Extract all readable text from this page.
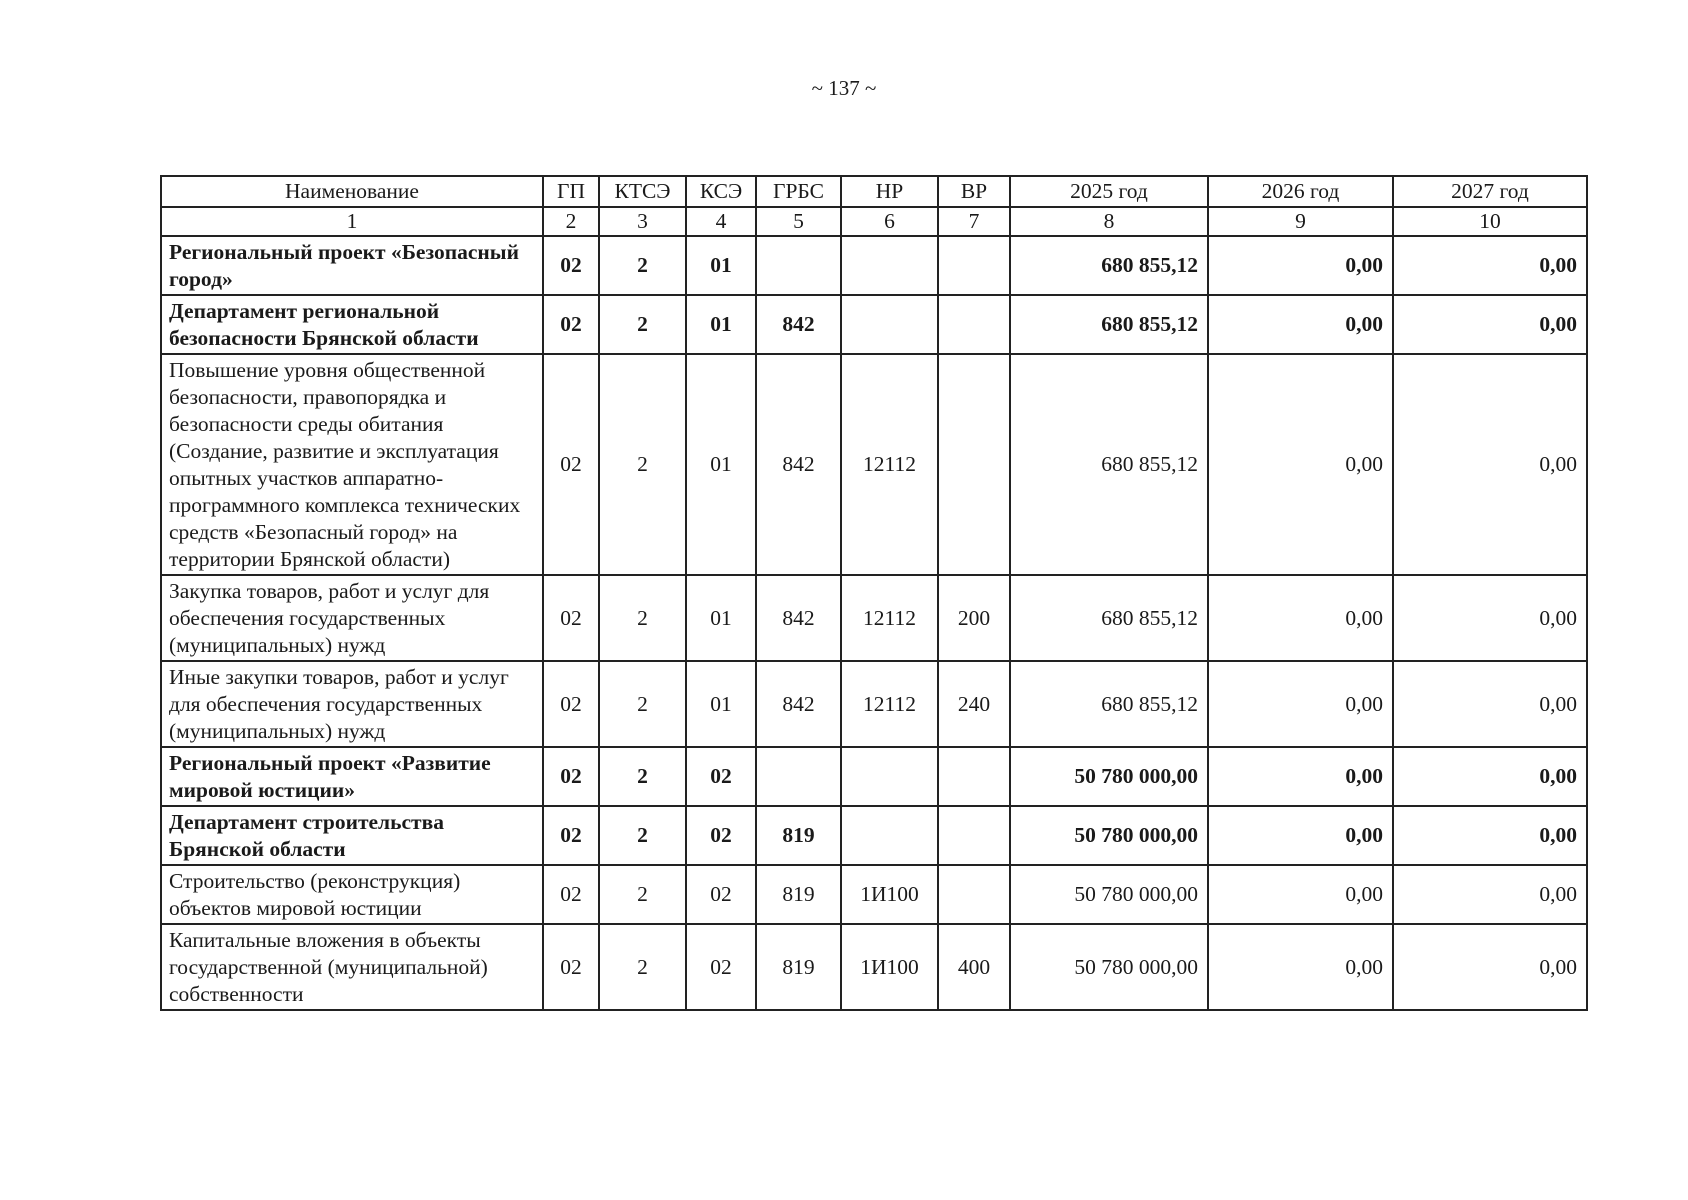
~ 137 ~
Наименование	ГП	КТСЭ	КСЭ	ГРБС	НР	ВР	2025 год	2026 год	2027 год
1	2	3	4	5	6	7	8	9	10
Региональный проект «Безопасный город»	02	2	01				680 855,12	0,00	0,00
Департамент региональной безопасности Брянской области	02	2	01	842			680 855,12	0,00	0,00
Повышение уровня общественной безопасности, правопорядка и безопасности среды обитания (Создание, развитие и эксплуатация опытных участков аппаратно-программного комплекса технических средств «Безопасный город» на территории Брянской области)	02	2	01	842	12112		680 855,12	0,00	0,00
Закупка товаров, работ и услуг для обеспечения государственных (муниципальных) нужд	02	2	01	842	12112	200	680 855,12	0,00	0,00
Иные закупки товаров, работ и услуг для обеспечения государственных (муниципальных) нужд	02	2	01	842	12112	240	680 855,12	0,00	0,00
Региональный проект «Развитие мировой юстиции»	02	2	02				50 780 000,00	0,00	0,00
Департамент строительства Брянской области	02	2	02	819			50 780 000,00	0,00	0,00
Строительство (реконструкция) объектов мировой юстиции	02	2	02	819	1И100		50 780 000,00	0,00	0,00
Капитальные вложения в объекты государственной (муниципальной) собственности	02	2	02	819	1И100	400	50 780 000,00	0,00	0,00
